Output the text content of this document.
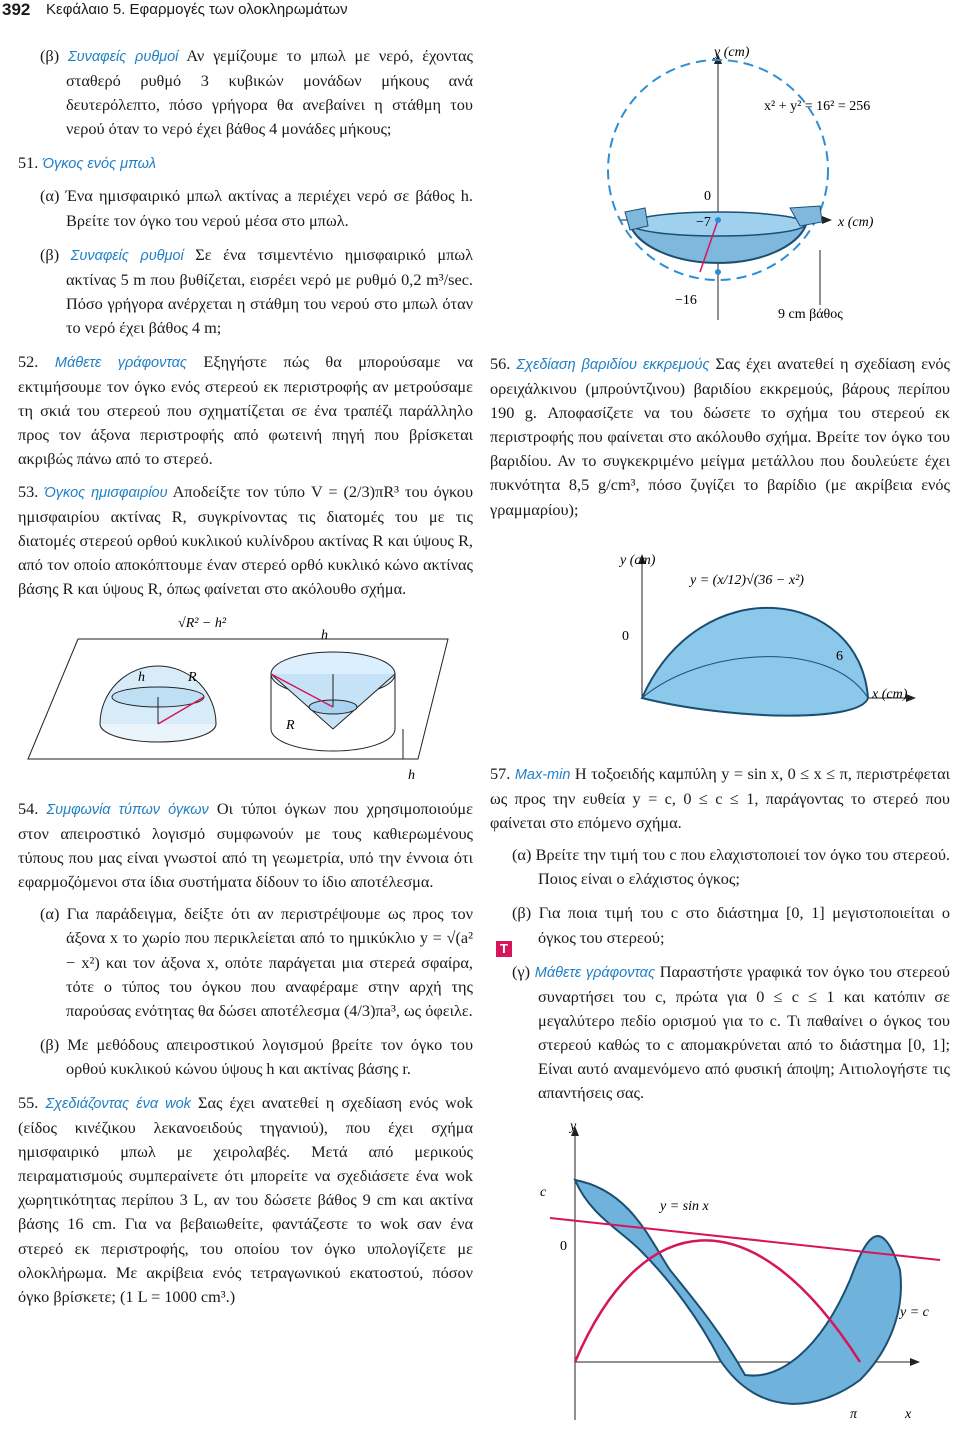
392 Κεφάλαιο 5. Εφαρμογές των ολοκληρωμάτων

(β) Συναφείς ρυθμοί Αν γεμίζουμε το μπωλ με νερό, έχοντας σταθερό ρυθμό 3 κυβικών μονάδων μήκους ανά δευτερόλεπτο, πόσο γρήγορα θα ανεβαίνει η στάθμη του νερού όταν το νερό έχει βάθος 4 μονάδες μήκους;

51. Όγκος ενός μπωλ

(α) Ένα ημισφαιρικό μπωλ ακτίνας a περιέχει νερό σε βάθος h. Βρείτε τον όγκο του νερού μέσα στο μπωλ.

(β) Συναφείς ρυθμοί Σε ένα τσιμεντένιο ημισφαιρικό μπωλ ακτίνας 5 m που βυθίζεται, εισρέει νερό με ρυθμό 0,2 m³/sec. Πόσο γρήγορα ανέρχεται η στάθμη του νερού στο μπωλ όταν το νερό έχει βάθος 4 m;

52. Μάθετε γράφοντας Εξηγήστε πώς θα μπορούσαμε να εκτιμήσουμε τον όγκο ενός στερεού εκ περιστροφής αν μετρούσαμε τη σκιά του στερεού που σχηματίζεται σε ένα τραπέζι παράλληλο προς τον άξονα περιστροφής από φωτεινή πηγή που βρίσκεται ακριβώς πάνω από το στερεό.

53. Όγκος ημισφαιρίου Αποδείξτε τον τύπο V = (2/3)πR³ του όγκου ημισφαιρίου ακτίνας R, συγκρίνοντας τις διατομές του με τις διατομές στερεού ορθού κυκλικού κυλίνδρου ακτίνας R και ύψους R, από τον οποίο αποκόπτουμε έναν στερεό ορθό κυκλικό κώνο ακτίνας βάσης R και ύψους R, όπως φαίνεται στο ακόλουθο σχήμα.

√R² − h²
h	R
h
R
h

54. Συμφωνία τύπων όγκων Οι τύποι όγκων που χρησιμοποιούμε στον απειροστικό λογισμό συμφωνούν με τους καθιερωμένους τύπους που μας είναι γνωστοί από τη γεωμετρία, υπό την έννοια ότι εφαρμοζόμενοι στα ίδια συστήματα δίδουν το ίδιο αποτέλεσμα.

(α) Για παράδειγμα, δείξτε ότι αν περιστρέψουμε ως προς τον άξονα x το χωρίο που περικλείεται από το ημικύκλιο y = √(a² − x²) και τον άξονα x, οπότε παράγεται μια στερεά σφαίρα, τότε ο τύπος του όγκου που αναφέραμε στην αρχή της παρούσας ενότητας θα δώσει αποτέλεσμα (4/3)πa³, ως όφειλε.

(β) Με μεθόδους απειροστικού λογισμού βρείτε τον όγκο του ορθού κυκλικού κώνου ύψους h και ακτίνας βάσης r.

55. Σχεδιάζοντας ένα wok Σας έχει ανατεθεί η σχεδίαση ενός wok (είδος κινέζικου λεκανοειδούς τηγανιού), που έχει σχήμα ημισφαιρικό μπωλ με χειρολαβές. Μετά από μερικούς πειραματισμούς συμπεραίνετε ότι μπορείτε να σχεδιάσετε ένα wok χωρητικότητας περίπου 3 L, αν του δώσετε βάθος 9 cm και ακτίνα βάσης 16 cm. Για να βεβαιωθείτε, φαντάζεστε το wok σαν ένα στερεό εκ περιστροφής, του οποίου τον όγκο υπολογίζετε με ολοκλήρωμα. Με ακρίβεια ενός τετραγωνικού εκατοστού, πόσον όγκο βρίσκετε; (1 L = 1000 cm³.)

y (cm)
x² + y² = 16² = 256
0
−7	x (cm)
−16
9 cm βάθος

56. Σχεδίαση βαριδίου εκκρεμούς Σας έχει ανατεθεί η σχεδίαση ενός ορειχάλκινου (μπρούντζινου) βαριδίου εκκρεμούς, βάρους περίπου 190 g. Αποφασίζετε να του δώσετε το σχήμα του στερεού εκ περιστροφής που φαίνεται στο ακόλουθο σχήμα. Βρείτε τον όγκο του βαριδίου. Αν το συγκεκριμένο μείγμα μετάλλου που δουλεύετε έχει πυκνότητα 8,5 g/cm³, πόσο ζυγίζει το βαρίδιο (με ακρίβεια ενός γραμμαρίου);

y (cm)
y = (x/12)√(36 − x²)
0
6
x (cm)

57. Max-min Η τοξοειδής καμπύλη y = sin x, 0 ≤ x ≤ π, περιστρέφεται ως προς την ευθεία y = c, 0 ≤ c ≤ 1, παράγοντας το στερεό που φαίνεται στο επόμενο σχήμα.

(α) Βρείτε την τιμή του c που ελαχιστοποιεί τον όγκο του στερεού. Ποιος είναι ο ελάχιστος όγκος;

(β) Για ποια τιμή του c στο διάστημα [0, 1] μεγιστοποιείται ο όγκος του στερεού;

(γ) Μάθετε γράφοντας Παραστήστε γραφικά τον όγκο του στερεού συναρτήσει του c, πρώτα για 0 ≤ c ≤ 1 και κατόπιν σε μεγαλύτερο πεδίο ορισμού για το c. Τι παθαίνει ο όγκος του στερεού καθώς το c απομακρύνεται από το διάστημα [0, 1]; Είναι αυτό αναμενόμενο από φυσική άποψη; Αιτιολογήστε τις απαντήσεις σας.

T
y
c
y = sin x
0
y = c
π	x
